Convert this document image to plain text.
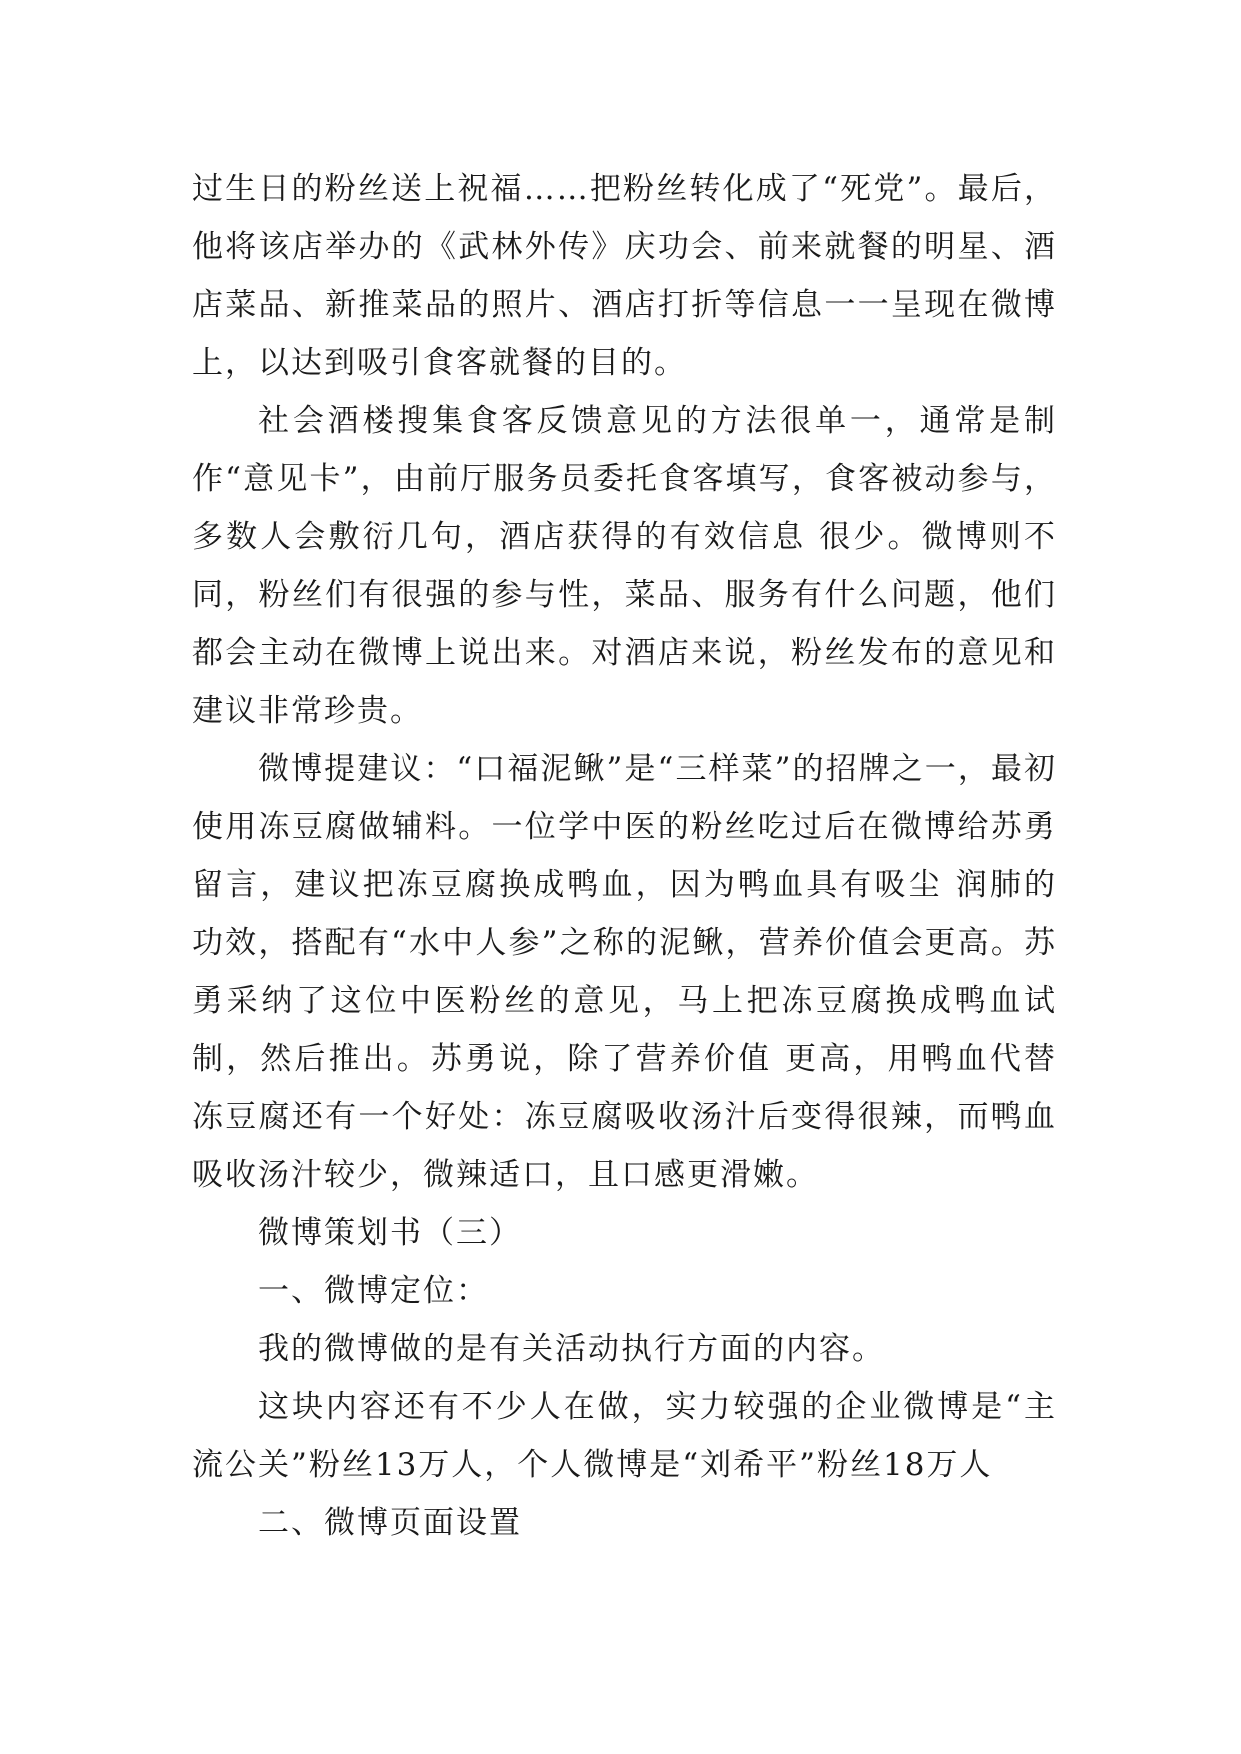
过生日的粉丝送上祝福……把粉丝转化成了“死党”。最后，他将该店举办的《武林外传》庆功会、前来就餐的明星、酒店菜品、新推菜品的照片、酒店打折等信息一一呈现在微博上，以达到吸引食客就餐的目的。

社会酒楼搜集食客反馈意见的方法很单一，通常是制作“意见卡”，由前厅服务员委托食客填写，食客被动参与，多数人会敷衍几句，酒店获得的有效信息 很少。微博则不同，粉丝们有很强的参与性，菜品、服务有什么问题，他们都会主动在微博上说出来。对酒店来说，粉丝发布的意见和建议非常珍贵。

微博提建议：“口福泥鳅”是“三样菜”的招牌之一，最初使用冻豆腐做辅料。一位学中医的粉丝吃过后在微博给苏勇留言，建议把冻豆腐换成鸭血，因为鸭血具有吸尘 润肺的功效，搭配有“水中人参”之称的泥鳅，营养价值会更高。苏勇采纳了这位中医粉丝的意见，马上把冻豆腐换成鸭血试制，然后推出。苏勇说，除了营养价值 更高，用鸭血代替冻豆腐还有一个好处：冻豆腐吸收汤汁后变得很辣，而鸭血吸收汤汁较少，微辣适口，且口感更滑嫩。

微博策划书（三）

一、微博定位：

我的微博做的是有关活动执行方面的内容。

这块内容还有不少人在做，实力较强的企业微博是“主流公关”粉丝13万人，个人微博是“刘希平”粉丝18万人

二、微博页面设置
